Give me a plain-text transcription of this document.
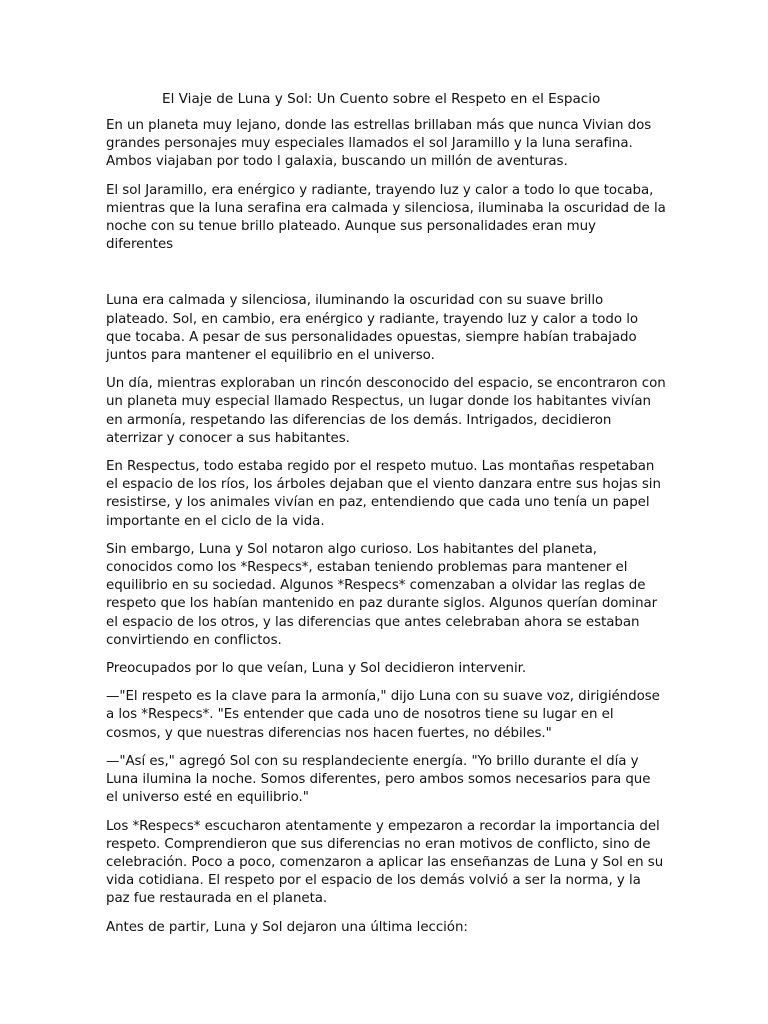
El Viaje de Luna y Sol: Un Cuento sobre el Respeto en el Espacio

En un planeta muy lejano, donde las estrellas brillaban más que nunca Vivian dos grandes personajes muy especiales llamados el sol Jaramillo y la luna serafina. Ambos viajaban por todo l galaxia, buscando un millón de aventuras.

El sol Jaramillo, era enérgico y radiante, trayendo luz y calor a todo lo que tocaba, mientras que la luna serafina era calmada y silenciosa, iluminaba la oscuridad de la noche con su tenue brillo plateado. Aunque sus personalidades eran muy diferentes

Luna era calmada y silenciosa, iluminando la oscuridad con su suave brillo plateado. Sol, en cambio, era enérgico y radiante, trayendo luz y calor a todo lo que tocaba. A pesar de sus personalidades opuestas, siempre habían trabajado juntos para mantener el equilibrio en el universo.

Un día, mientras exploraban un rincón desconocido del espacio, se encontraron con un planeta muy especial llamado Respectus, un lugar donde los habitantes vivían en armonía, respetando las diferencias de los demás. Intrigados, decidieron aterrizar y conocer a sus habitantes.

En Respectus, todo estaba regido por el respeto mutuo. Las montañas respetaban el espacio de los ríos, los árboles dejaban que el viento danzara entre sus hojas sin resistirse, y los animales vivían en paz, entendiendo que cada uno tenía un papel importante en el ciclo de la vida.

Sin embargo, Luna y Sol notaron algo curioso. Los habitantes del planeta, conocidos como los *Respecs*, estaban teniendo problemas para mantener el equilibrio en su sociedad. Algunos *Respecs* comenzaban a olvidar las reglas de respeto que los habían mantenido en paz durante siglos. Algunos querían dominar el espacio de los otros, y las diferencias que antes celebraban ahora se estaban convirtiendo en conflictos.

Preocupados por lo que veían, Luna y Sol decidieron intervenir.

—"El respeto es la clave para la armonía," dijo Luna con su suave voz, dirigiéndose a los *Respecs*. "Es entender que cada uno de nosotros tiene su lugar en el cosmos, y que nuestras diferencias nos hacen fuertes, no débiles."

—"Así es," agregó Sol con su resplandeciente energía. "Yo brillo durante el día y Luna ilumina la noche. Somos diferentes, pero ambos somos necesarios para que el universo esté en equilibrio."

Los *Respecs* escucharon atentamente y empezaron a recordar la importancia del respeto. Comprendieron que sus diferencias no eran motivos de conflicto, sino de celebración. Poco a poco, comenzaron a aplicar las enseñanzas de Luna y Sol en su vida cotidiana. El respeto por el espacio de los demás volvió a ser la norma, y la paz fue restaurada en el planeta.

Antes de partir, Luna y Sol dejaron una última lección:
